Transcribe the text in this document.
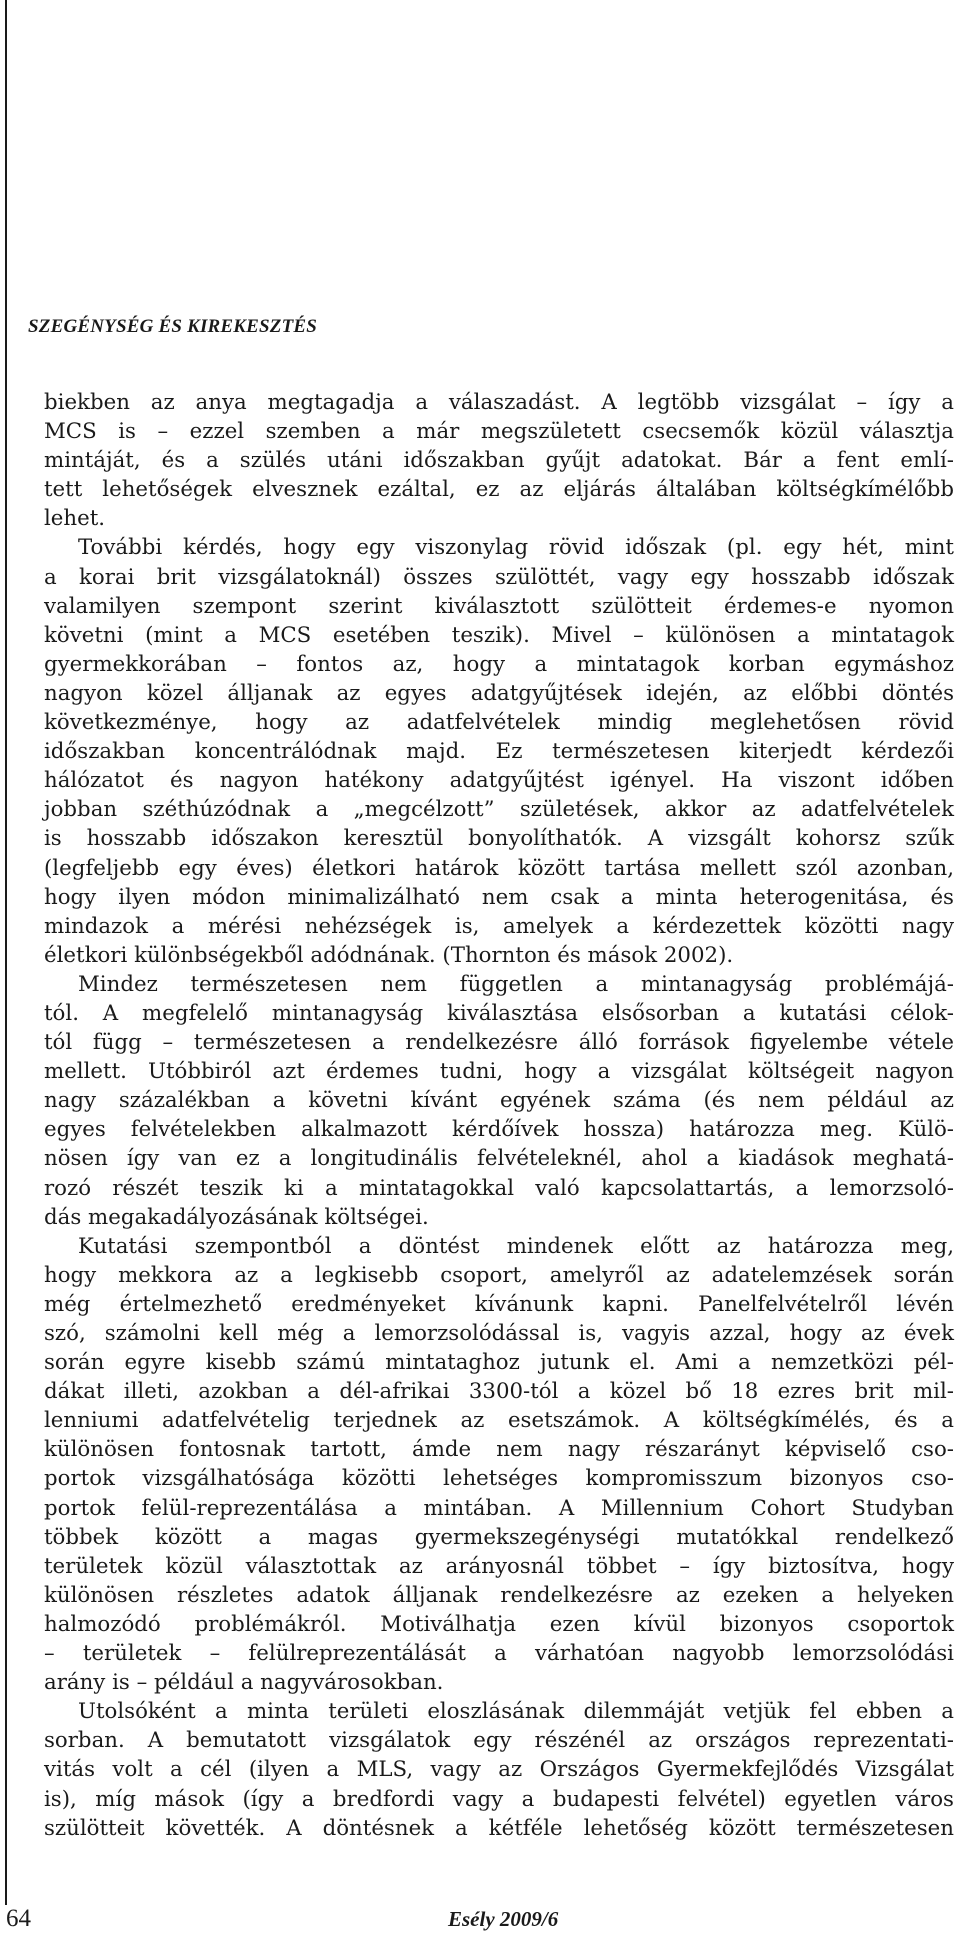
SZEGÉNYSÉG ÉS KIREKESZTÉS

biekben az anya megtagadja a válaszadást. A legtöbb vizsgálat – így a
MCS is – ezzel szemben a már megszületett csecsemők közül választja
mintáját, és a szülés utáni időszakban gyűjt adatokat. Bár a fent emlí-
tett lehetőségek elvesznek ezáltal, ez az eljárás általában költségkímélőbb
lehet.
További kérdés, hogy egy viszonylag rövid időszak (pl. egy hét, mint
a korai brit vizsgálatoknál) összes szülöttét, vagy egy hosszabb időszak
valamilyen szempont szerint kiválasztott szülötteit érdemes-e nyomon
követni (mint a MCS esetében teszik). Mivel – különösen a mintatagok
gyermekkorában – fontos az, hogy a mintatagok korban egymáshoz
nagyon közel álljanak az egyes adatgyűjtések idején, az előbbi döntés
következménye, hogy az adatfelvételek mindig meglehetősen rövid
időszakban koncentrálódnak majd. Ez természetesen kiterjedt kérdezői
hálózatot és nagyon hatékony adatgyűjtést igényel. Ha viszont időben
jobban széthúzódnak a „megcélzott” születések, akkor az adatfelvételek
is hosszabb időszakon keresztül bonyolíthatók. A vizsgált kohorsz szűk
(legfeljebb egy éves) életkori határok között tartása mellett szól azonban,
hogy ilyen módon minimalizálható nem csak a minta heterogenitása, és
mindazok a mérési nehézségek is, amelyek a kérdezettek közötti nagy
életkori különbségekből adódnának. (Thornton és mások 2002).
Mindez természetesen nem független a mintanagyság problémájá-
tól. A megfelelő mintanagyság kiválasztása elsősorban a kutatási célok-
tól függ – természetesen a rendelkezésre álló források figyelembe vétele
mellett. Utóbbiról azt érdemes tudni, hogy a vizsgálat költségeit nagyon
nagy százalékban a követni kívánt egyének száma (és nem például az
egyes felvételekben alkalmazott kérdőívek hossza) határozza meg. Külö-
nösen így van ez a longitudinális felvételeknél, ahol a kiadások meghatá-
rozó részét teszik ki a mintatagokkal való kapcsolattartás, a lemorzsoló-
dás megakadályozásának költségei.
Kutatási szempontból a döntést mindenek előtt az határozza meg,
hogy mekkora az a legkisebb csoport, amelyről az adatelemzések során
még értelmezhető eredményeket kívánunk kapni. Panelfelvételről lévén
szó, számolni kell még a lemorzsolódással is, vagyis azzal, hogy az évek
során egyre kisebb számú mintataghoz jutunk el. Ami a nemzetközi pél-
dákat illeti, azokban a dél-afrikai 3300-tól a közel bő 18 ezres brit mil-
lenniumi adatfelvételig terjednek az esetszámok. A költségkímélés, és a
különösen fontosnak tartott, ámde nem nagy részarányt képviselő cso-
portok vizsgálhatósága közötti lehetséges kompromisszum bizonyos cso-
portok felül-reprezentálása a mintában. A Millennium Cohort Studyban
többek között a magas gyermekszegénységi mutatókkal rendelkező
területek közül választottak az arányosnál többet – így biztosítva, hogy
különösen részletes adatok álljanak rendelkezésre az ezeken a helyeken
halmozódó problémákról. Motiválhatja ezen kívül bizonyos csoportok
– területek – felülreprezentálását a várhatóan nagyobb lemorzsolódási
arány is – például a nagyvárosokban.
Utolsóként a minta területi eloszlásának dilemmáját vetjük fel ebben a
sorban. A bemutatott vizsgálatok egy részénél az országos reprezentati-
vitás volt a cél (ilyen a MLS, vagy az Országos Gyermekfejlődés Vizsgálat
is), míg mások (így a bredfordi vagy a budapesti felvétel) egyetlen város
szülötteit követték. A döntésnek a kétféle lehetőség között természetesen

64	Esély 2009/6
